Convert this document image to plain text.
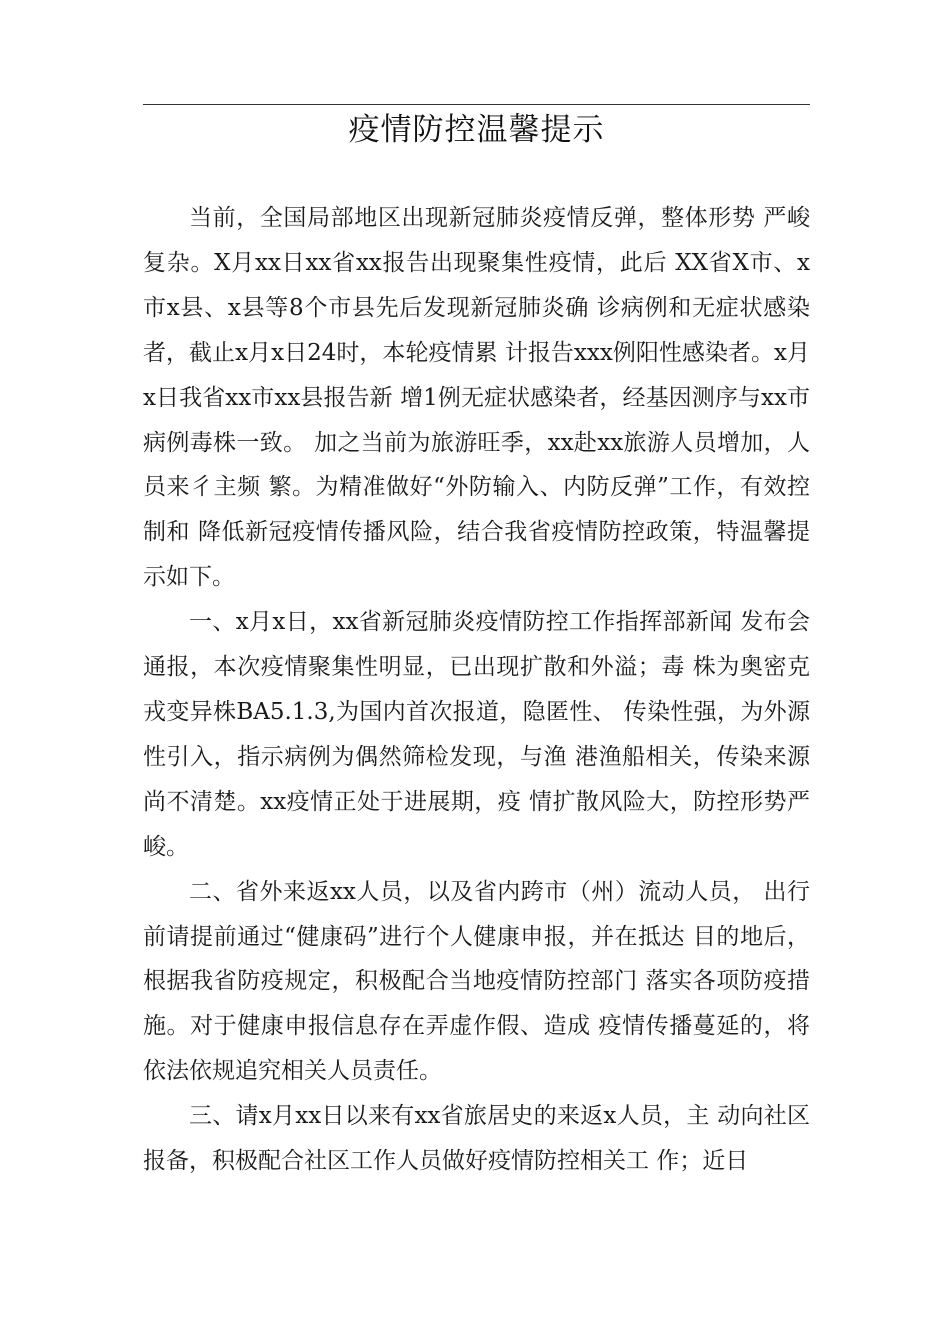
疫情防控温馨提示

当前，全国局部地区出现新冠肺炎疫情反弹，整体形势 严峻复杂。X月xx日xx省xx报告出现聚集性疫情，此后 XX省X市、x市x县、x县等8个市县先后发现新冠肺炎确 诊病例和无症状感染者，截止x月x日24时，本轮疫情累 计报告xxx例阳性感染者。x月x日我省xx市xx县报告新 增1例无症状感染者，经基因测序与xx市病例毒株一致。 加之当前为旅游旺季，xx赴xx旅游人员增加，人员来彳主频 繁。为精准做好“外防输入、内防反弹”工作，有效控制和 降低新冠疫情传播风险，结合我省疫情防控政策，特温馨提 示如下。

一、x月x日，xx省新冠肺炎疫情防控工作指挥部新闻 发布会通报，本次疫情聚集性明显，已出现扩散和外溢；毒 株为奥密克戎变异株BA5.1.3,为国内首次报道，隐匿性、 传染性强，为外源性引入，指示病例为偶然筛检发现，与渔 港渔船相关，传染来源尚不清楚。xx疫情正处于进展期，疫 情扩散风险大，防控形势严峻。

二、省外来返xx人员，以及省内跨市（州）流动人员， 出行前请提前通过“健康码”进行个人健康申报，并在抵达 目的地后，根据我省防疫规定，积极配合当地疫情防控部门 落实各项防疫措施。对于健康申报信息存在弄虚作假、造成 疫情传播蔓延的，将依法依规追究相关人员责任。

三、请x月xx日以来有xx省旅居史的来返x人员，主 动向社区报备，积极配合社区工作人员做好疫情防控相关工 作；近日
